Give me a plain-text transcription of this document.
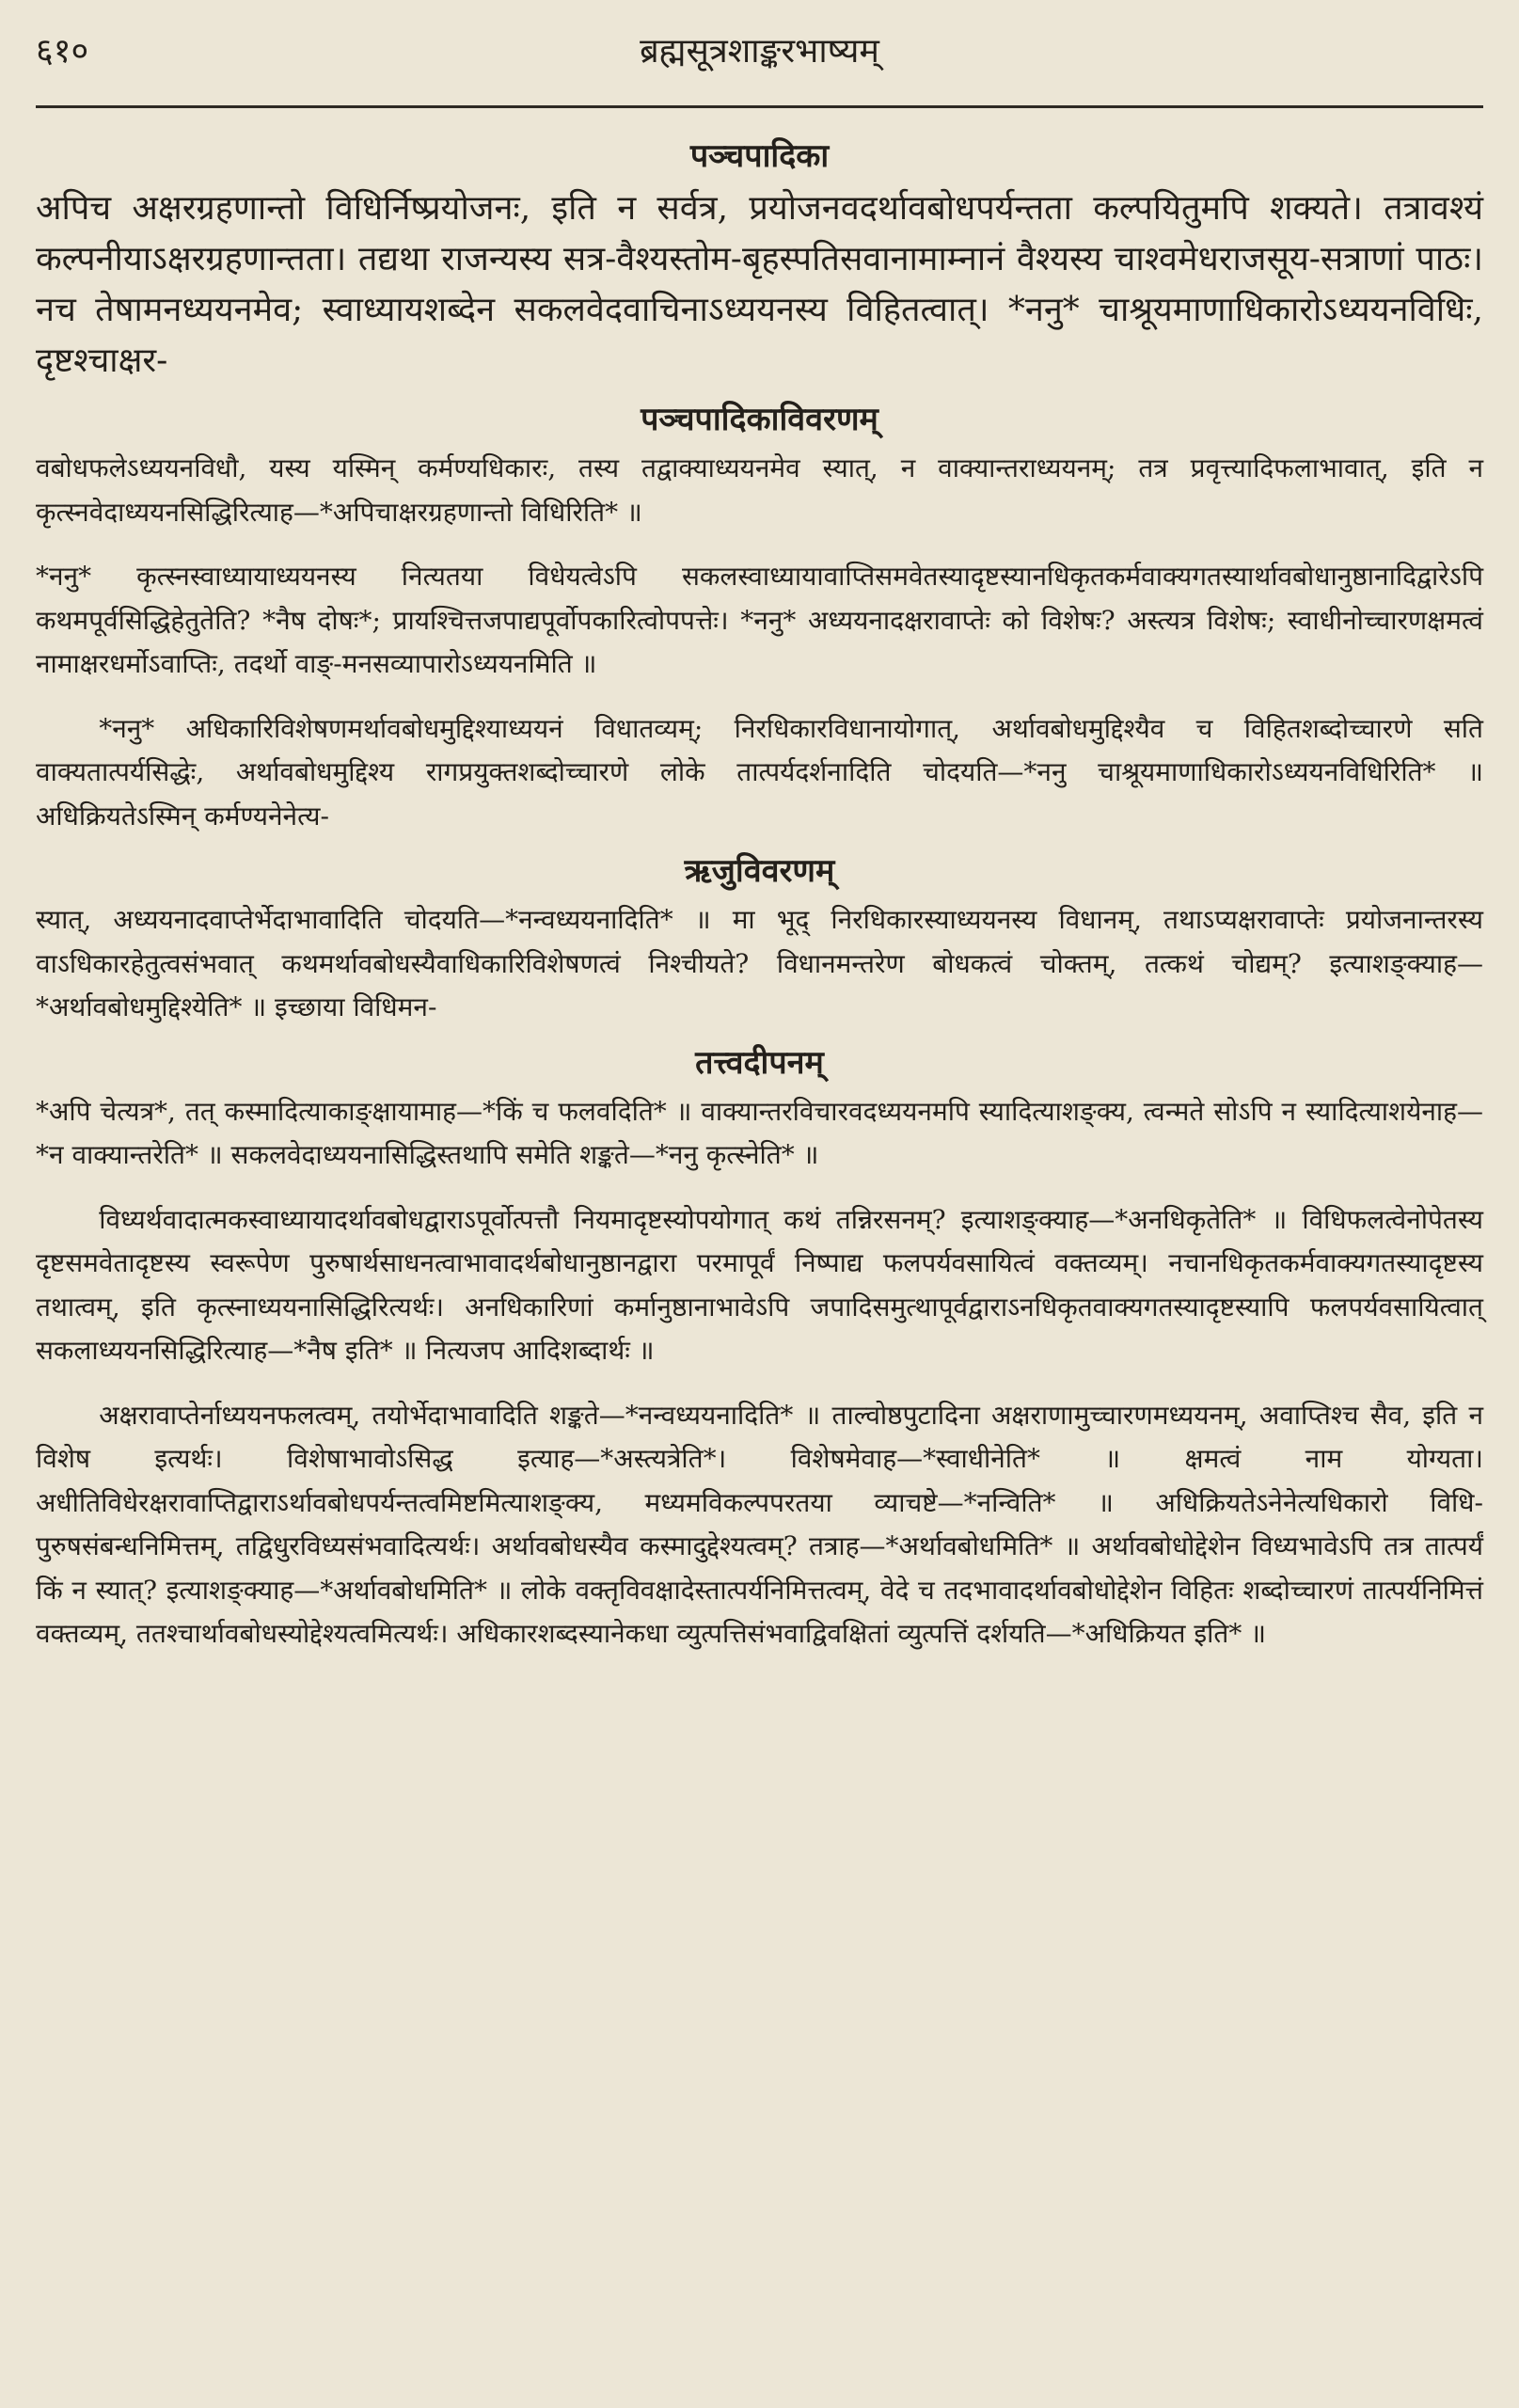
६१०	ब्रह्मसूत्रशाङ्करभाष्यम्
पञ्चपादिका

अपिच अक्षरग्रहणान्तो विधिर्निष्प्रयोजनः, इति न सर्वत्र, प्रयोजनवदर्थावबोधपर्यन्तता कल्पयितुमपि शक्यते। तत्रावश्यं कल्पनीयाऽक्षरग्रहणान्तता। तद्यथा राजन्यस्य सत्र-वैश्यस्तोम-बृहस्पतिसवानामाम्नानं वैश्यस्य चाश्वमेधराजसूय-सत्राणां पाठः। नच तेषामनध्ययनमेव; स्वाध्यायशब्देन सकलवेदवाचिनाऽध्ययनस्य विहितत्वात्। *ननु* चाश्रूयमाणाधिकारोऽध्ययनविधिः, दृष्टश्चाक्षर-

पञ्चपादिकाविवरणम्

वबोधफलेऽध्ययनविधौ, यस्य यस्मिन् कर्मण्यधिकारः, तस्य तद्वाक्याध्ययनमेव स्यात्, न वाक्यान्तराध्ययनम्; तत्र प्रवृत्त्यादिफलाभावात्, इति न कृत्स्नवेदाध्ययनसिद्धिरित्याह—*अपिचाक्षरग्रहणान्तो विधिरिति* ॥

*ननु* कृत्स्नस्वाध्यायाध्ययनस्य नित्यतया विधेयत्वेऽपि सकलस्वाध्यायावाप्तिसमवेतस्यादृष्टस्यानधिकृतकर्मवाक्यगतस्यार्थावबोधानुष्ठानादिद्वारेऽपि कथमपूर्वसिद्धिहेतुतेति? *नैष दोषः*; प्रायश्चित्तजपाद्यपूर्वोपकारित्वोपपत्तेः। *ननु* अध्ययनादक्षरावाप्तेः को विशेषः? अस्त्यत्र विशेषः; स्वाधीनोच्चारणक्षमत्वं नामाक्षरधर्मोऽवाप्तिः, तदर्थो वाङ्-मनसव्यापारोऽध्ययनमिति ॥

*ननु* अधिकारिविशेषणमर्थावबोधमुद्दिश्याध्ययनं विधातव्यम्; निरधिकारविधानायोगात्, अर्थावबोधमुद्दिश्यैव च विहितशब्दोच्चारणे सति वाक्यतात्पर्यसिद्धेः, अर्थावबोधमुद्दिश्य रागप्रयुक्तशब्दोच्चारणे लोके तात्पर्यदर्शनादिति चोदयति—*ननु चाश्रूयमाणाधिकारोऽध्ययनविधिरिति* ॥ अधिक्रियतेऽस्मिन् कर्मण्यनेनेत्य-

ऋजुविवरणम्

स्यात्, अध्ययनादवाप्तेर्भेदाभावादिति चोदयति—*नन्वध्ययनादिति* ॥ मा भूद् निरधिकारस्याध्ययनस्य विधानम्, तथाऽप्यक्षरावाप्तेः प्रयोजनान्तरस्य वाऽधिकारहेतुत्वसंभवात् कथमर्थावबोधस्यैवाधिकारिविशेषणत्वं निश्चीयते? विधानमन्तरेण बोधकत्वं चोक्तम्, तत्कथं चोद्यम्? इत्याशङ्क्याह—*अर्थावबोधमुद्दिश्येति* ॥ इच्छाया विधिमन-

तत्त्वदीपनम्

*अपि चेत्यत्र*, तत् कस्मादित्याकाङ्क्षायामाह—*किं च फलवदिति* ॥ वाक्यान्तरविचारवदध्ययनमपि स्यादित्याशङ्क्य, त्वन्मते सोऽपि न स्यादित्याशयेनाह—*न वाक्यान्तरेति* ॥ सकलवेदाध्ययनासिद्धिस्तथापि समेति शङ्कते—*ननु कृत्स्नेति* ॥

विध्यर्थवादात्मकस्वाध्यायादर्थावबोधद्वाराऽपूर्वोत्पत्तौ नियमादृष्टस्योपयोगात् कथं तन्निरसनम्? इत्याशङ्क्याह—*अनधिकृतेति* ॥ विधिफलत्वेनोपेतस्य दृष्टसमवेतादृष्टस्य स्वरूपेण पुरुषार्थसाधनत्वाभावादर्थबोधानुष्ठानद्वारा परमापूर्वं निष्पाद्य फलपर्यवसायित्वं वक्तव्यम्। नचानधिकृतकर्मवाक्यगतस्यादृष्टस्य तथात्वम्, इति कृत्स्नाध्ययनासिद्धिरित्यर्थः। अनधिकारिणां कर्मानुष्ठानाभावेऽपि जपादिसमुत्थापूर्वद्वाराऽनधिकृतवाक्यगतस्यादृष्टस्यापि फलपर्यवसायित्वात् सकलाध्ययनसिद्धिरित्याह—*नैष इति* ॥ नित्यजप आदिशब्दार्थः ॥

अक्षरावाप्तेर्नाध्ययनफलत्वम्, तयोर्भेदाभावादिति शङ्कते—*नन्वध्ययनादिति* ॥ ताल्वोष्ठपुटादिना अक्षराणामुच्चारणमध्ययनम्, अवाप्तिश्च सैव, इति न विशेष इत्यर्थः। विशेषाभावोऽसिद्ध इत्याह—*अस्त्यत्रेति*। विशेषमेवाह—*स्वाधीनेति* ॥ क्षमत्वं नाम योग्यता। अधीतिविधेरक्षरावाप्तिद्वाराऽर्थावबोधपर्यन्तत्वमिष्टमित्याशङ्क्य, मध्यमविकल्पपरतया व्याचष्टे—*नन्विति* ॥ अधिक्रियतेऽनेनेत्यधिकारो विधि-पुरुषसंबन्धनिमित्तम्, तद्विधुरविध्यसंभवादित्यर्थः। अर्थावबोधस्यैव कस्मादुद्देश्यत्वम्? तत्राह—*अर्थावबोधमिति* ॥ अर्थावबोधोद्देशेन विध्यभावेऽपि तत्र तात्पर्यं किं न स्यात्? इत्याशङ्क्याह—*अर्थावबोधमिति* ॥ लोके वक्तृविवक्षादेस्तात्पर्यनिमित्तत्वम्, वेदे च तदभावादर्थावबोधोद्देशेन विहितः शब्दोच्चारणं तात्पर्यनिमित्तं वक्तव्यम्, ततश्चार्थावबोधस्योद्देश्यत्वमित्यर्थः। अधिकारशब्दस्यानेकधा व्युत्पत्तिसंभवाद्विवक्षितां व्युत्पत्तिं दर्शयति—*अधिक्रियत इति* ॥
